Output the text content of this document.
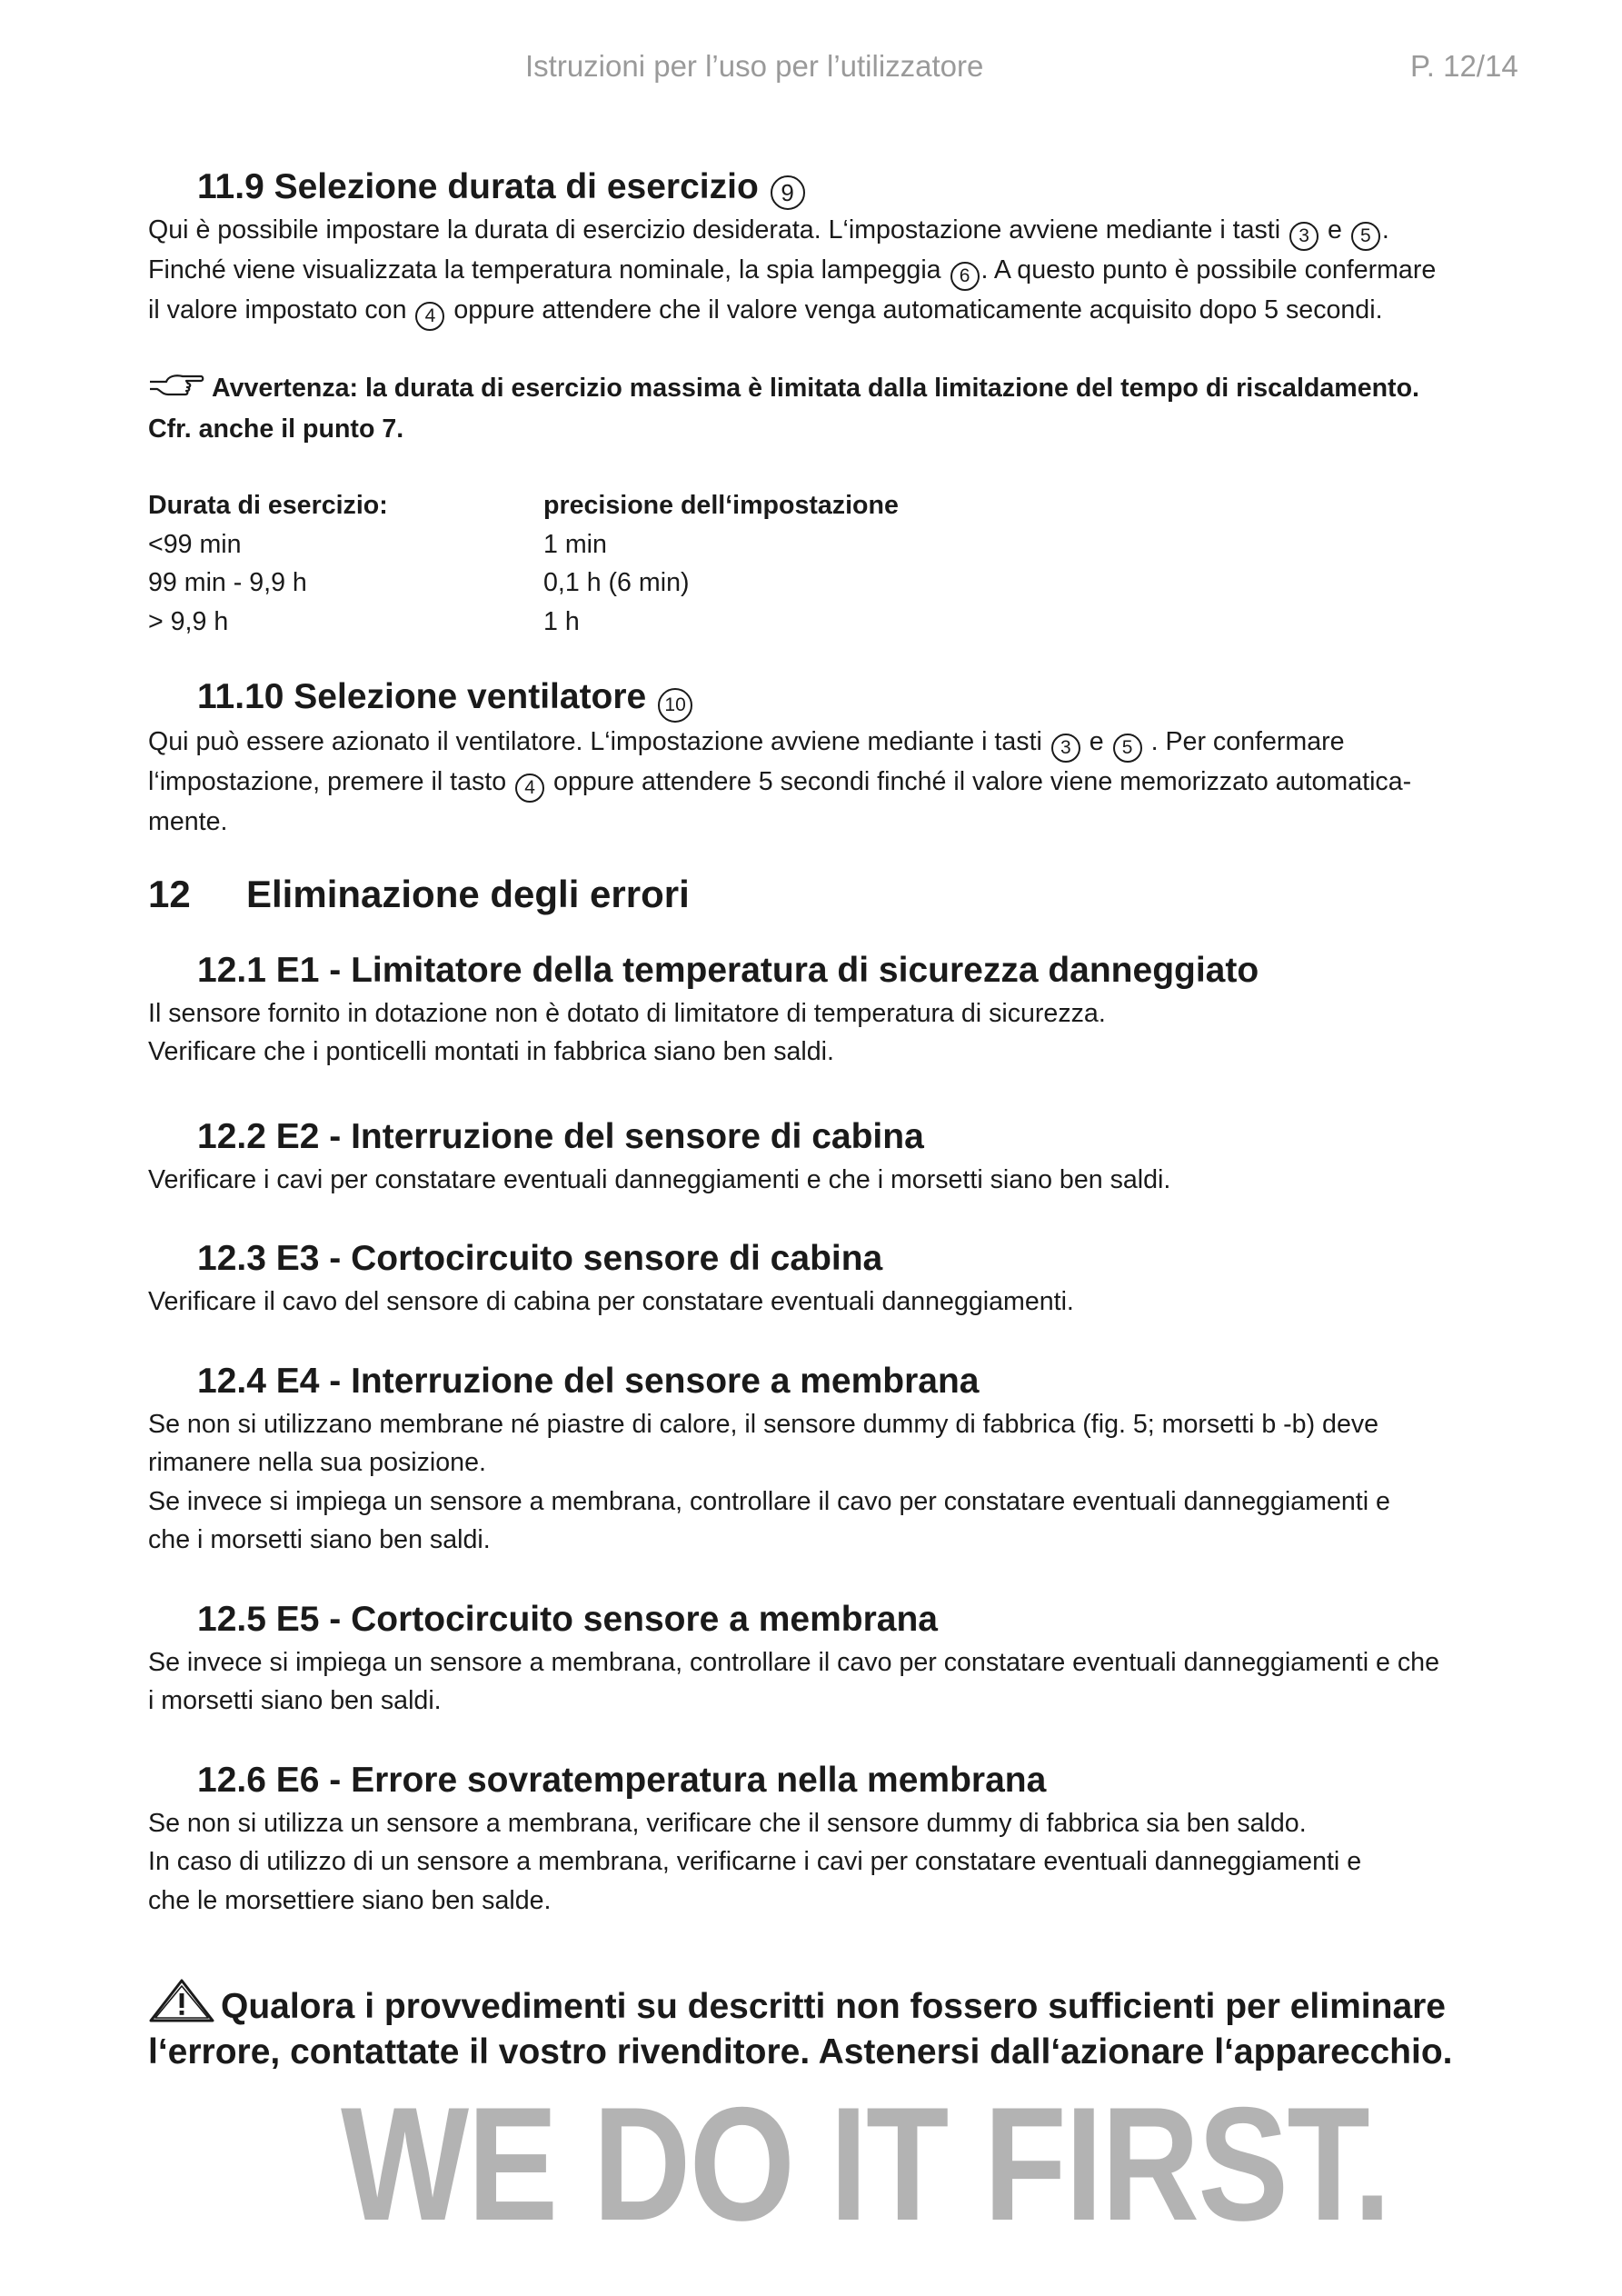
Istruzioni per l’uso per l’utilizzatore	P. 12/14
11.9 Selezione durata di esercizio 9

Qui è possibile impostare la durata di esercizio desiderata. L‘impostazione avviene mediante i tasti 3 e 5 .

Finché viene visualizzata la temperatura nominale, la spia lampeggia 6 . A questo punto è possibile confermare

il valore impostato con 4 oppure attendere che il valore venga automaticamente acquisito dopo 5 secondi.

Avvertenza: la durata di esercizio massima è limitata dalla limitazione del tempo di riscaldamento.
Cfr. anche il punto 7.

Durata di esercizio:	precisione dell‘impostazione
<99 min	1 min
99 min - 9,9 h	0,1 h (6 min)
> 9,9 h	1 h
11.10 Selezione ventilatore 10

Qui può essere azionato il ventilatore. L‘impostazione avviene mediante i tasti 3 e 5 . Per confermare

l‘impostazione, premere il tasto 4 oppure attendere 5 secondi finché il valore viene memorizzato automatica-

mente.

12	Eliminazione degli errori
12.1 E1 - Limitatore della temperatura di sicurezza danneggiato

Il sensore fornito in dotazione non è dotato di limitatore di temperatura di sicurezza.

Verificare che i ponticelli montati in fabbrica siano ben saldi.

12.2 E2 - Interruzione del sensore di cabina

Verificare i cavi per constatare eventuali danneggiamenti e che i morsetti siano ben saldi.

12.3 E3 - Cortocircuito sensore di cabina

Verificare il cavo del sensore di cabina per constatare eventuali danneggiamenti.

12.4 E4 - Interruzione del sensore a membrana

Se non si utilizzano membrane né piastre di calore, il sensore dummy di fabbrica (fig. 5; morsetti b -b) deve

rimanere nella sua posizione.

Se invece si impiega un sensore a membrana, controllare il cavo per constatare eventuali danneggiamenti e

che i morsetti siano ben saldi.

12.5 E5 - Cortocircuito sensore a membrana

Se invece si impiega un sensore a membrana, controllare il cavo per constatare eventuali danneggiamenti e che

i morsetti siano ben saldi.

12.6 E6 - Errore sovratemperatura nella membrana

Se non si utilizza un sensore a membrana, verificare che il sensore dummy di fabbrica sia ben saldo.

In caso di utilizzo di un sensore a membrana, verificarne i cavi per constatare eventuali danneggiamenti e

che le morsettiere siano ben salde.

Qualora i provvedimenti su descritti non fossero sufficienti per eliminare
l‘errore, contattate il vostro rivenditore. Astenersi dall‘azionare l‘apparecchio.

WE DO IT FIRST.
